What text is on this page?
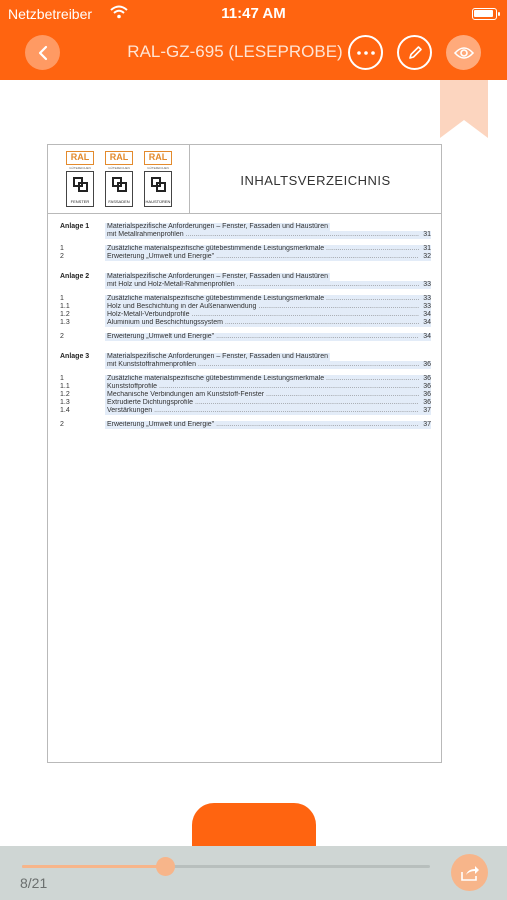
Netzbetreiber	11:47 AM
RAL-GZ-695 (LESEPROBE)
RAL
GÜTEZEICHEN
FENSTER
RAL
GÜTEZEICHEN
FASSADEN
RAL
GÜTEZEICHEN
HAUSTÜREN
INHALTSVERZEICHNIS
Anlage 1	Materialspezifische Anforderungen – Fenster, Fassaden und Haustüren
mit Metallrahmenprofilen .....	31
1	Zusätzliche materialspezifische gütebestimmende Leistungsmerkmale .....	31
2	Erweiterung „Umwelt und Energie" .....	32
Anlage 2	Materialspezifische Anforderungen – Fenster, Fassaden und Haustüren
mit Holz und Holz-Metall-Rahmenprofilen .....	33
1	Zusätzliche materialspezifische gütebestimmende Leistungsmerkmale .....	33
1.1	Holz und Beschichtung in der Außenanwendung .....	33
1.2	Holz-Metall-Verbundprofile .....	34
1.3	Aluminium und Beschichtungssystem .....	34
2	Erweiterung „Umwelt und Energie" .....	34
Anlage 3	Materialspezifische Anforderungen – Fenster, Fassaden und Haustüren
mit Kunststoffrahmenprofilen .....	36
1	Zusätzliche materialspezifische gütebestimmende Leistungsmerkmale .....	36
1.1	Kunststoffprofile .....	36
1.2	Mechanische Verbindungen am Kunststoff-Fenster .....	36
1.3	Extrudierte Dichtungsprofile .....	36
1.4	Verstärkungen .....	37
2	Erweiterung „Umwelt und Energie" .....	37
8/21
